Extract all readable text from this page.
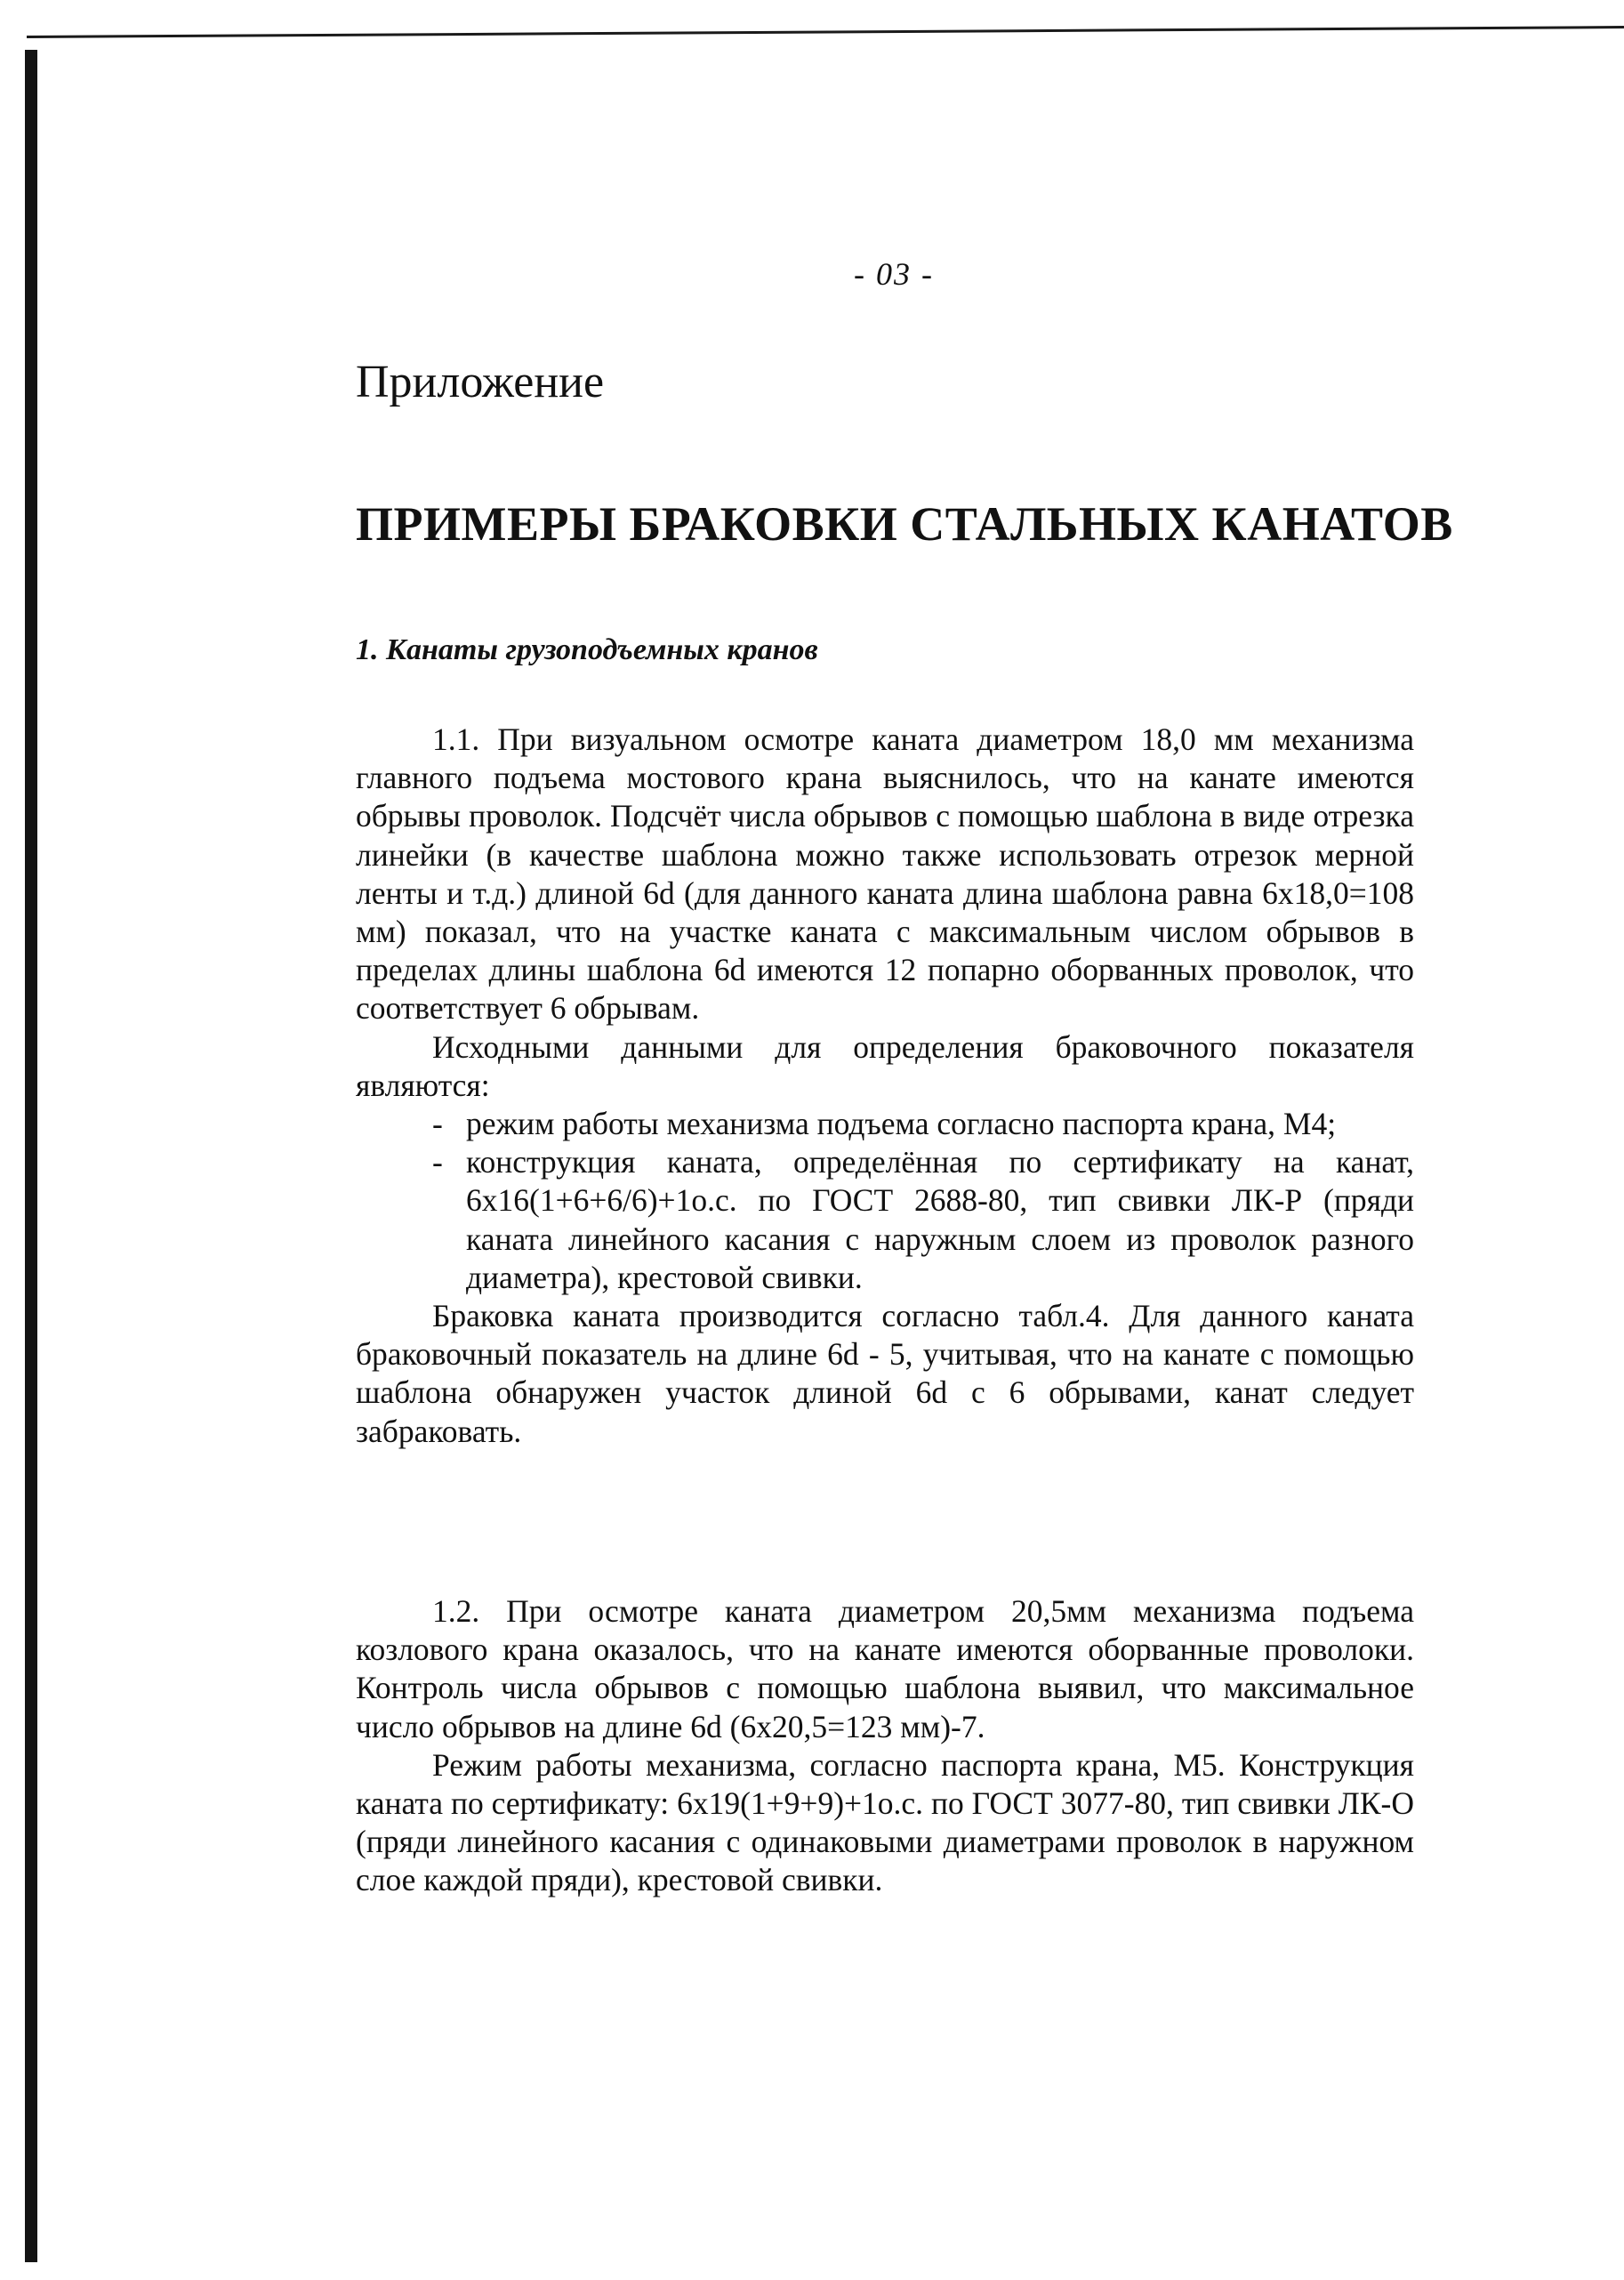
- 03 -
Приложение
ПРИМЕРЫ БРАКОВКИ СТАЛЬНЫХ КАНАТОВ
1. Канаты грузоподъемных кранов

1.1. При визуальном осмотре каната диаметром 18,0 мм механизма главного подъема мостового крана выяснилось, что на канате имеются обрывы проволок. Подсчёт числа обрывов с помощью шаблона в виде отрезка линейки (в качестве шаблона можно также использовать отрезок мерной ленты и т.д.) длиной 6d (для данного каната длина шаблона равна 6x18,0=108 мм) показал, что на участке каната с максимальным числом обрывов в пределах длины шаблона 6d имеются 12 попарно оборванных проволок, что соответствует 6 обрывам.

Исходными данными для определения браковочного показателя являются:

- режим работы механизма подъема согласно паспорта крана, М4;
- конструкция каната, определённая по сертификату на канат, 6x16(1+6+6/6)+1о.с. по ГОСТ 2688-80, тип свивки ЛК-Р (пряди каната линейного касания с наружным слоем из проволок разного диаметра), крестовой свивки.

Браковка каната производится согласно табл.4. Для данного каната браковочный показатель на длине 6d - 5, учитывая, что на канате с помощью шаблона обнаружен участок длиной 6d с 6 обрывами, канат следует забраковать.

1.2. При осмотре каната диаметром 20,5мм механизма подъема козлового крана оказалось, что на канате имеются оборванные проволоки. Контроль числа обрывов с помощью шаблона выявил, что максимальное число обрывов на длине 6d (6x20,5=123 мм)-7.

Режим работы механизма, согласно паспорта крана, М5. Конструкция каната по сертификату: 6x19(1+9+9)+1о.с. по ГОСТ 3077-80, тип свивки ЛК-О (пряди линейного касания с одинаковыми диаметрами проволок в наружном слое каждой пряди), крестовой свивки.
